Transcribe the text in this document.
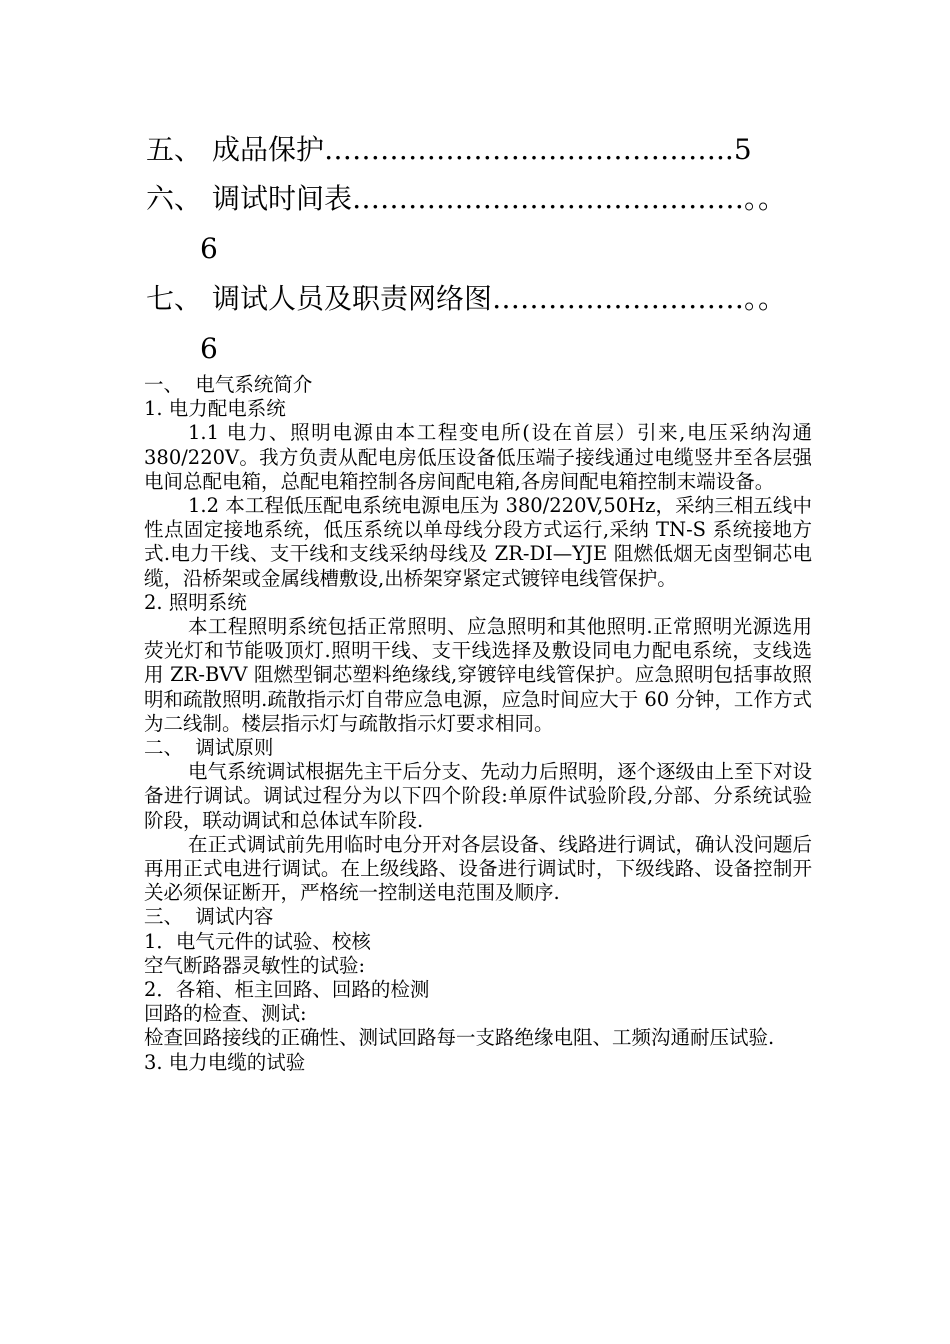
五、 成品保护 …………………………………….. 5
六、 调试时间表 …………………………………… 。。
6
七、 调试人员及职责网络图 ……………………… 。。
6

一、  电气系统简介

1. 电力配电系统

1.1 电力、照明电源由本工程变电所(设在首层）引来,电压采纳沟通 380/220V。我方负责从配电房低压设备低压端子接线通过电缆竖井至各层强电间总配电箱，总配电箱控制各房间配电箱,各房间配电箱控制末端设备。

1.2 本工程低压配电系统电源电压为 380/220V,50Hz，采纳三相五线中性点固定接地系统，低压系统以单母线分段方式运行,采纳 TN-S 系统接地方式.电力干线、支干线和支线采纳母线及 ZR-DI—YJE 阻燃低烟无卤型铜芯电缆，沿桥架或金属线槽敷设,出桥架穿紧定式镀锌电线管保护。

2. 照明系统

本工程照明系统包括正常照明、应急照明和其他照明.正常照明光源选用荧光灯和节能吸顶灯.照明干线、支干线选择及敷设同电力配电系统，支线选用 ZR-BVV 阻燃型铜芯塑料绝缘线,穿镀锌电线管保护。应急照明包括事故照明和疏散照明.疏散指示灯自带应急电源，应急时间应大于 60 分钟，工作方式为二线制。楼层指示灯与疏散指示灯要求相同。

二、  调试原则

电气系统调试根据先主干后分支、先动力后照明，逐个逐级由上至下对设备进行调试。调试过程分为以下四个阶段:单原件试验阶段,分部、分系统试验阶段，联动调试和总体试车阶段.

在正式调试前先用临时电分开对各层设备、线路进行调试，确认没问题后再用正式电进行调试。在上级线路、设备进行调试时，下级线路、设备控制开关必须保证断开，严格统一控制送电范围及顺序.

三、  调试内容

1．电气元件的试验、校核

空气断路器灵敏性的试验:

2．各箱、柜主回路、回路的检测

回路的检查、测试:

检查回路接线的正确性、测试回路每一支路绝缘电阻、工频沟通耐压试验.

3. 电力电缆的试验
